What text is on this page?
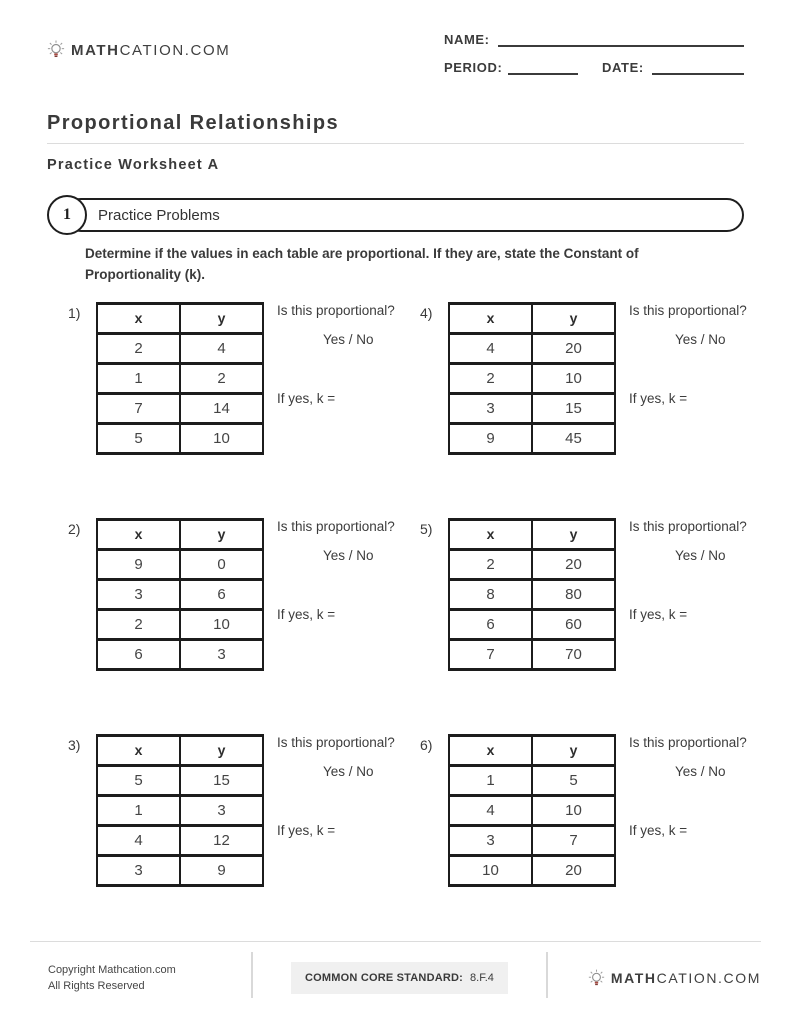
MATHCATION.COM
NAME:
PERIOD:	DATE:
Proportional Relationships
Practice Worksheet A
1	Practice Problems

Determine if the values in each table are proportional. If they are, state the Constant of Proportionality (k).

1)	x	y
2	4
1	2
7	14
5	10
Is this proportional?
Yes / No
If yes, k =
4)	x	y
4	20
2	10
3	15
9	45
Is this proportional?
Yes / No
If yes, k =
2)	x	y
9	0
3	6
2	10
6	3
Is this proportional?
Yes / No
If yes, k =
5)	x	y
2	20
8	80
6	60
7	70
Is this proportional?
Yes / No
If yes, k =
3)	x	y
5	15
1	3
4	12
3	9
Is this proportional?
Yes / No
If yes, k =
6)	x	y
1	5
4	10
3	7
10	20
Is this proportional?
Yes / No
If yes, k =
Copyright Mathcation.com
All Rights Reserved
COMMON CORE STANDARD: 8.F.4	MATHCATION.COM
